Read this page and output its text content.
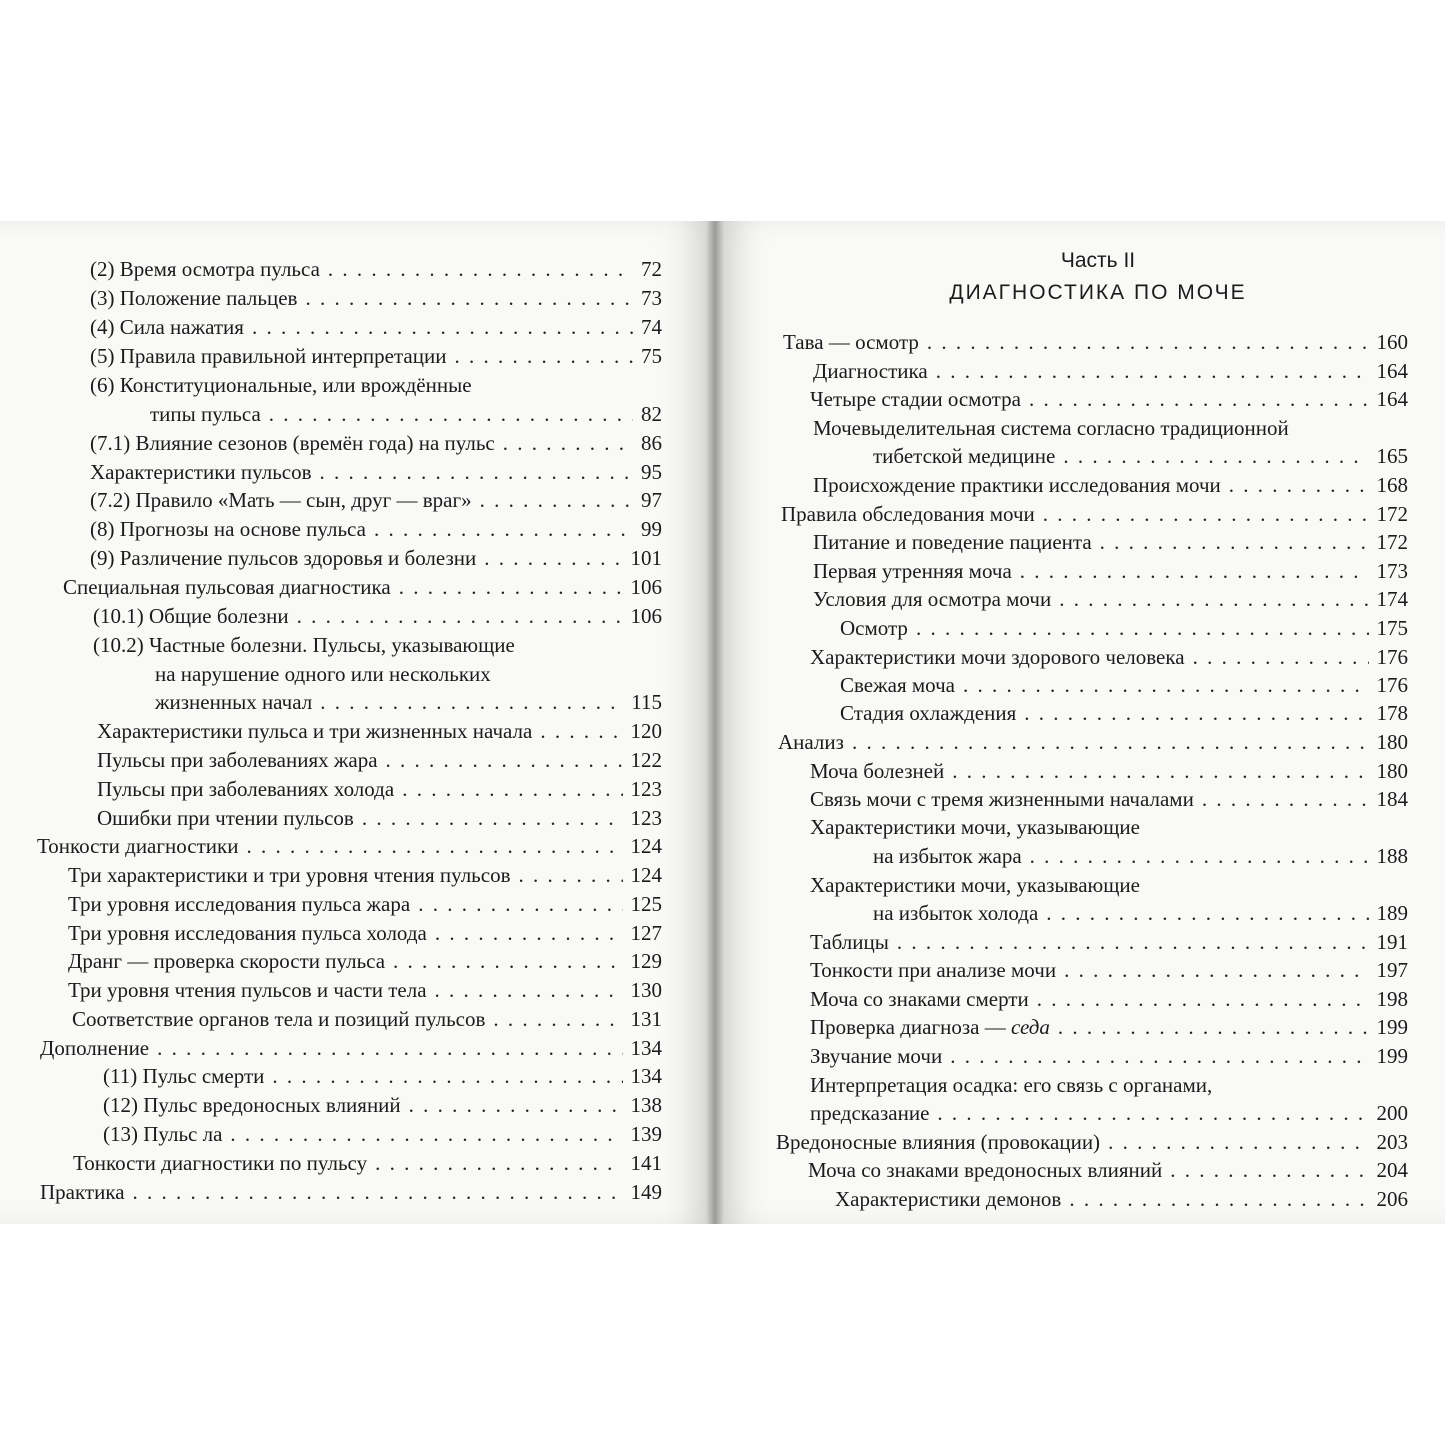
(2) Время осмотра пульса . . .	72
(3) Положение пальцев . . .	73
(4) Сила нажатия . . .	74
(5) Правила правильной интерпретации . . .	75
(6) Конституциональные, или врождённые
типы пульса . . .	82
(7.1) Влияние сезонов (времён года) на пульс . . .	86
Характеристики пульсов . . .	95
(7.2) Правило «Мать — сын, друг — враг» . . .	97
(8) Прогнозы на основе пульса . . .	99
(9) Различение пульсов здоровья и болезни . . .	101
Специальная пульсовая диагностика . . .	106
(10.1) Общие болезни . . .	106
(10.2) Частные болезни. Пульсы, указывающие
на нарушение одного или нескольких
жизненных начал . . .	115
Характеристики пульса и три жизненных начала . . .	120
Пульсы при заболеваниях жара . . .	122
Пульсы при заболеваниях холода . . .	123
Ошибки при чтении пульсов . . .	123
Тонкости диагностики . . .	124
Три характеристики и три уровня чтения пульсов . . .	124
Три уровня исследования пульса жара . . .	125
Три уровня исследования пульса холода . . .	127
Дранг — проверка скорости пульса . . .	129
Три уровня чтения пульсов и части тела . . .	130
Соответствие органов тела и позиций пульсов . . .	131
Дополнение . . .	134
(11) Пульс смерти . . .	134
(12) Пульс вредоносных влияний . . .	138
(13) Пульс ла . . .	139
Тонкости диагностики по пульсу . . .	141
Практика . . .	149
Часть II
ДИАГНОСТИКА ПО МОЧЕ
Тава — осмотр . . .	160
Диагностика . . .	164
Четыре стадии осмотра . . .	164
Мочевыделительная система согласно традиционной
тибетской медицине . . .	165
Происхождение практики исследования мочи . . .	168
Правила обследования мочи . . .	172
Питание и поведение пациента . . .	172
Первая утренняя моча . . .	173
Условия для осмотра мочи . . .	174
Осмотр . . .	175
Характеристики мочи здорового человека . . .	176
Свежая моча . . .	176
Стадия охлаждения . . .	178
Анализ . . .	180
Моча болезней . . .	180
Связь мочи с тремя жизненными началами . . .	184
Характеристики мочи, указывающие
на избыток жара . . .	188
Характеристики мочи, указывающие
на избыток холода . . .	189
Таблицы . . .	191
Тонкости при анализе мочи . . .	197
Моча со знаками смерти . . .	198
Проверка диагноза — седа . . .	199
Звучание мочи . . .	199
Интерпретация осадка: его связь с органами,
предсказание . . .	200
Вредоносные влияния (провокации) . . .	203
Моча со знаками вредоносных влияний . . .	204
Характеристики демонов . . .	206
